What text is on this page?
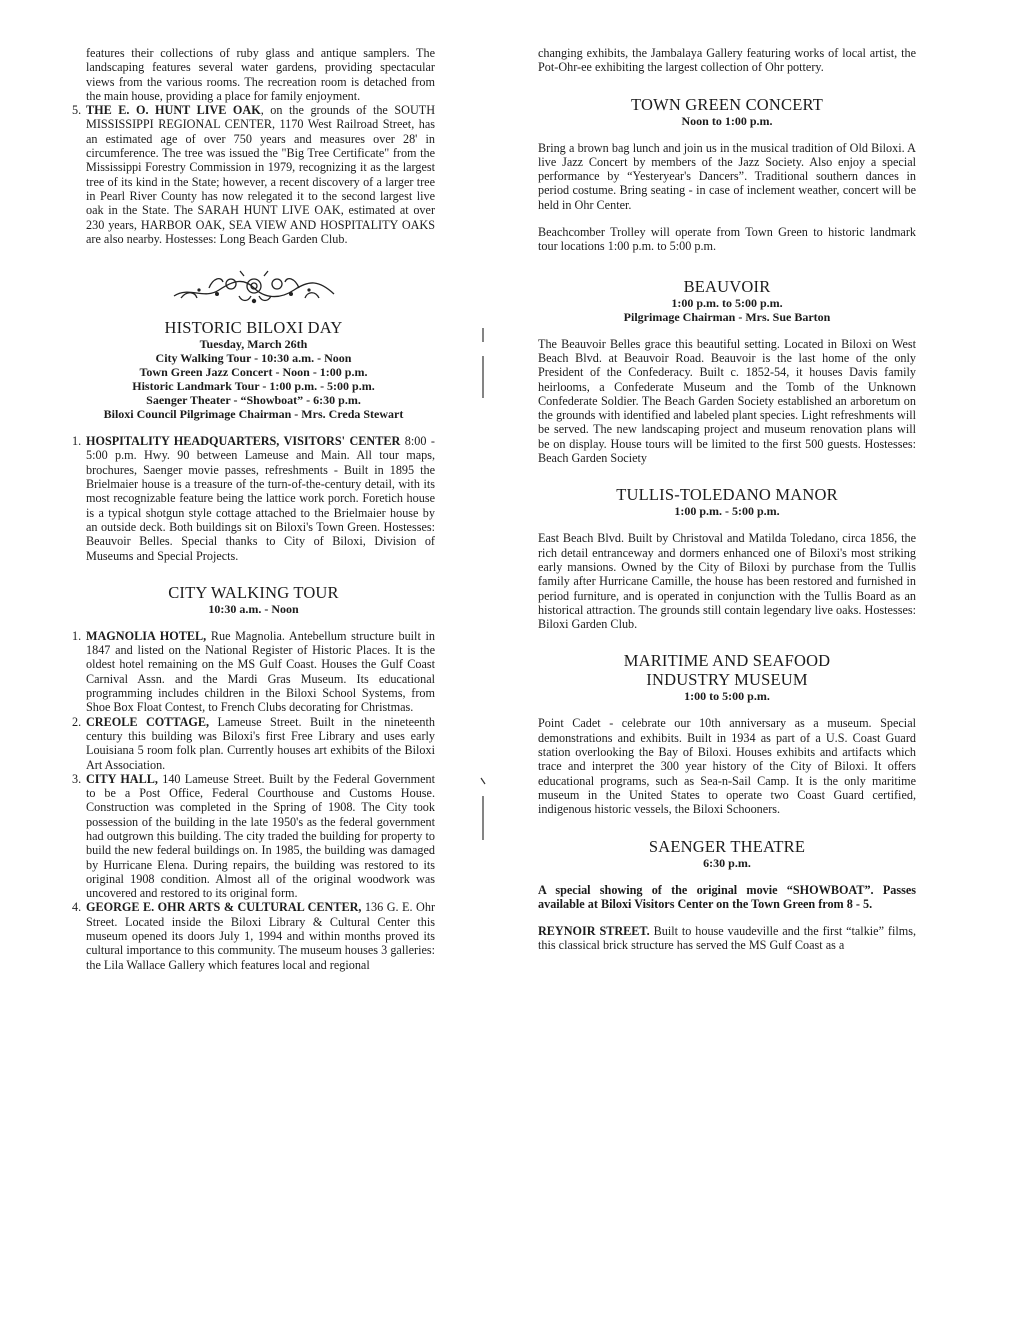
features their collections of ruby glass and antique samplers. The landscaping features several water gardens, providing spectacular views from the various rooms. The recreation room is detached from the main house, providing a place for family enjoyment.

5. THE E. O. HUNT LIVE OAK, on the grounds of the SOUTH MISSISSIPPI REGIONAL CENTER, 1170 West Railroad Street, has an estimated age of over 750 years and measures over 28' in circumference. The tree was issued the "Big Tree Certificate" from the Mississippi Forestry Commission in 1979, recognizing it as the largest tree of its kind in the State; however, a recent discovery of a larger tree in Pearl River County has now relegated it to the second largest live oak in the State. The SARAH HUNT LIVE OAK, estimated at over 230 years, HARBOR OAK, SEA VIEW AND HOSPITALITY OAKS are also nearby. Hostesses: Long Beach Garden Club.
HISTORIC BILOXI DAY
Tuesday, March 26th
City Walking Tour - 10:30 a.m. - Noon
Town Green Jazz Concert - Noon - 1:00 p.m.
Historic Landmark Tour - 1:00 p.m. - 5:00 p.m.
Saenger Theater - “Showboat” - 6:30 p.m.
Biloxi Council Pilgrimage Chairman - Mrs. Creda Stewart
1. HOSPITALITY HEADQUARTERS, VISITORS' CENTER 8:00 - 5:00 p.m. Hwy. 90 between Lameuse and Main. All tour maps, brochures, Saenger movie passes, refreshments - Built in 1895 the Brielmaier house is a treasure of the turn-of-the-century detail, with its most recognizable feature being the lattice work porch. Foretich house is a typical shotgun style cottage attached to the Brielmaier house by an outside deck. Both buildings sit on Biloxi's Town Green. Hostesses: Beauvoir Belles. Special thanks to City of Biloxi, Division of Museums and Special Projects.
CITY WALKING TOUR
10:30 a.m. - Noon
1. MAGNOLIA HOTEL, Rue Magnolia. Antebellum structure built in 1847 and listed on the National Register of Historic Places. It is the oldest hotel remaining on the MS Gulf Coast. Houses the Gulf Coast Carnival Assn. and the Mardi Gras Museum. Its educational programming includes children in the Biloxi School Systems, from Shoe Box Float Contest, to French Clubs decorating for Christmas.
2. CREOLE COTTAGE, Lameuse Street. Built in the nineteenth century this building was Biloxi's first Free Library and uses early Louisiana 5 room folk plan. Currently houses art exhibits of the Biloxi Art Association.
3. CITY HALL, 140 Lameuse Street. Built by the Federal Government to be a Post Office, Federal Courthouse and Customs House. Construction was completed in the Spring of 1908. The City took possession of the building in the late 1950's as the federal government had outgrown this building. The city traded the building for property to build the new federal buildings on. In 1985, the building was damaged by Hurricane Elena. During repairs, the building was restored to its original 1908 condition. Almost all of the original woodwork was uncovered and restored to its original form.
4. GEORGE E. OHR ARTS & CULTURAL CENTER, 136 G. E. Ohr Street. Located inside the Biloxi Library & Cultural Center this museum opened its doors July 1, 1994 and within months proved its cultural importance to this community. The museum houses 3 galleries: the Lila Wallace Gallery which features local and regional

changing exhibits, the Jambalaya Gallery featuring works of local artist, the Pot-Ohr-ee exhibiting the largest collection of Ohr pottery.

TOWN GREEN CONCERT
Noon to 1:00 p.m.

Bring a brown bag lunch and join us in the musical tradition of Old Biloxi. A live Jazz Concert by members of the Jazz Society. Also enjoy a special performance by “Yesteryear's Dancers”. Traditional southern dances in period costume. Bring seating - in case of inclement weather, concert will be held in Ohr Center.

Beachcomber Trolley will operate from Town Green to historic landmark tour locations 1:00 p.m. to 5:00 p.m.

BEAUVOIR
1:00 p.m. to 5:00 p.m.
Pilgrimage Chairman - Mrs. Sue Barton

The Beauvoir Belles grace this beautiful setting. Located in Biloxi on West Beach Blvd. at Beauvoir Road. Beauvoir is the last home of the only President of the Confederacy. Built c. 1852-54, it houses Davis family heirlooms, a Confederate Museum and the Tomb of the Unknown Confederate Soldier. The Beach Garden Society established an arboretum on the grounds with identified and labeled plant species. Light refreshments will be served. The new landscaping project and museum renovation plans will be on display. House tours will be limited to the first 500 guests. Hostesses: Beach Garden Society

TULLIS-TOLEDANO MANOR
1:00 p.m. - 5:00 p.m.

East Beach Blvd. Built by Christoval and Matilda Toledano, circa 1856, the rich detail entranceway and dormers enhanced one of Biloxi's most striking early mansions. Owned by the City of Biloxi by purchase from the Tullis family after Hurricane Camille, the house has been restored and furnished in period furniture, and is operated in conjunction with the Tullis Board as an historical attraction. The grounds still contain legendary live oaks. Hostesses: Biloxi Garden Club.

MARITIME AND SEAFOOD
INDUSTRY MUSEUM
1:00 to 5:00 p.m.

Point Cadet - celebrate our 10th anniversary as a museum. Special demonstrations and exhibits. Built in 1934 as part of a U.S. Coast Guard station overlooking the Bay of Biloxi. Houses exhibits and artifacts which trace and interpret the 300 year history of the City of Biloxi. It offers educational programs, such as Sea-n-Sail Camp. It is the only maritime museum in the United States to operate two Coast Guard certified, indigenous historic vessels, the Biloxi Schooners.

SAENGER THEATRE
6:30 p.m.

A special showing of the original movie “SHOWBOAT”. Passes available at Biloxi Visitors Center on the Town Green from 8 - 5.

REYNOIR STREET. Built to house vaudeville and the first “talkie” films, this classical brick structure has served the MS Gulf Coast as a
